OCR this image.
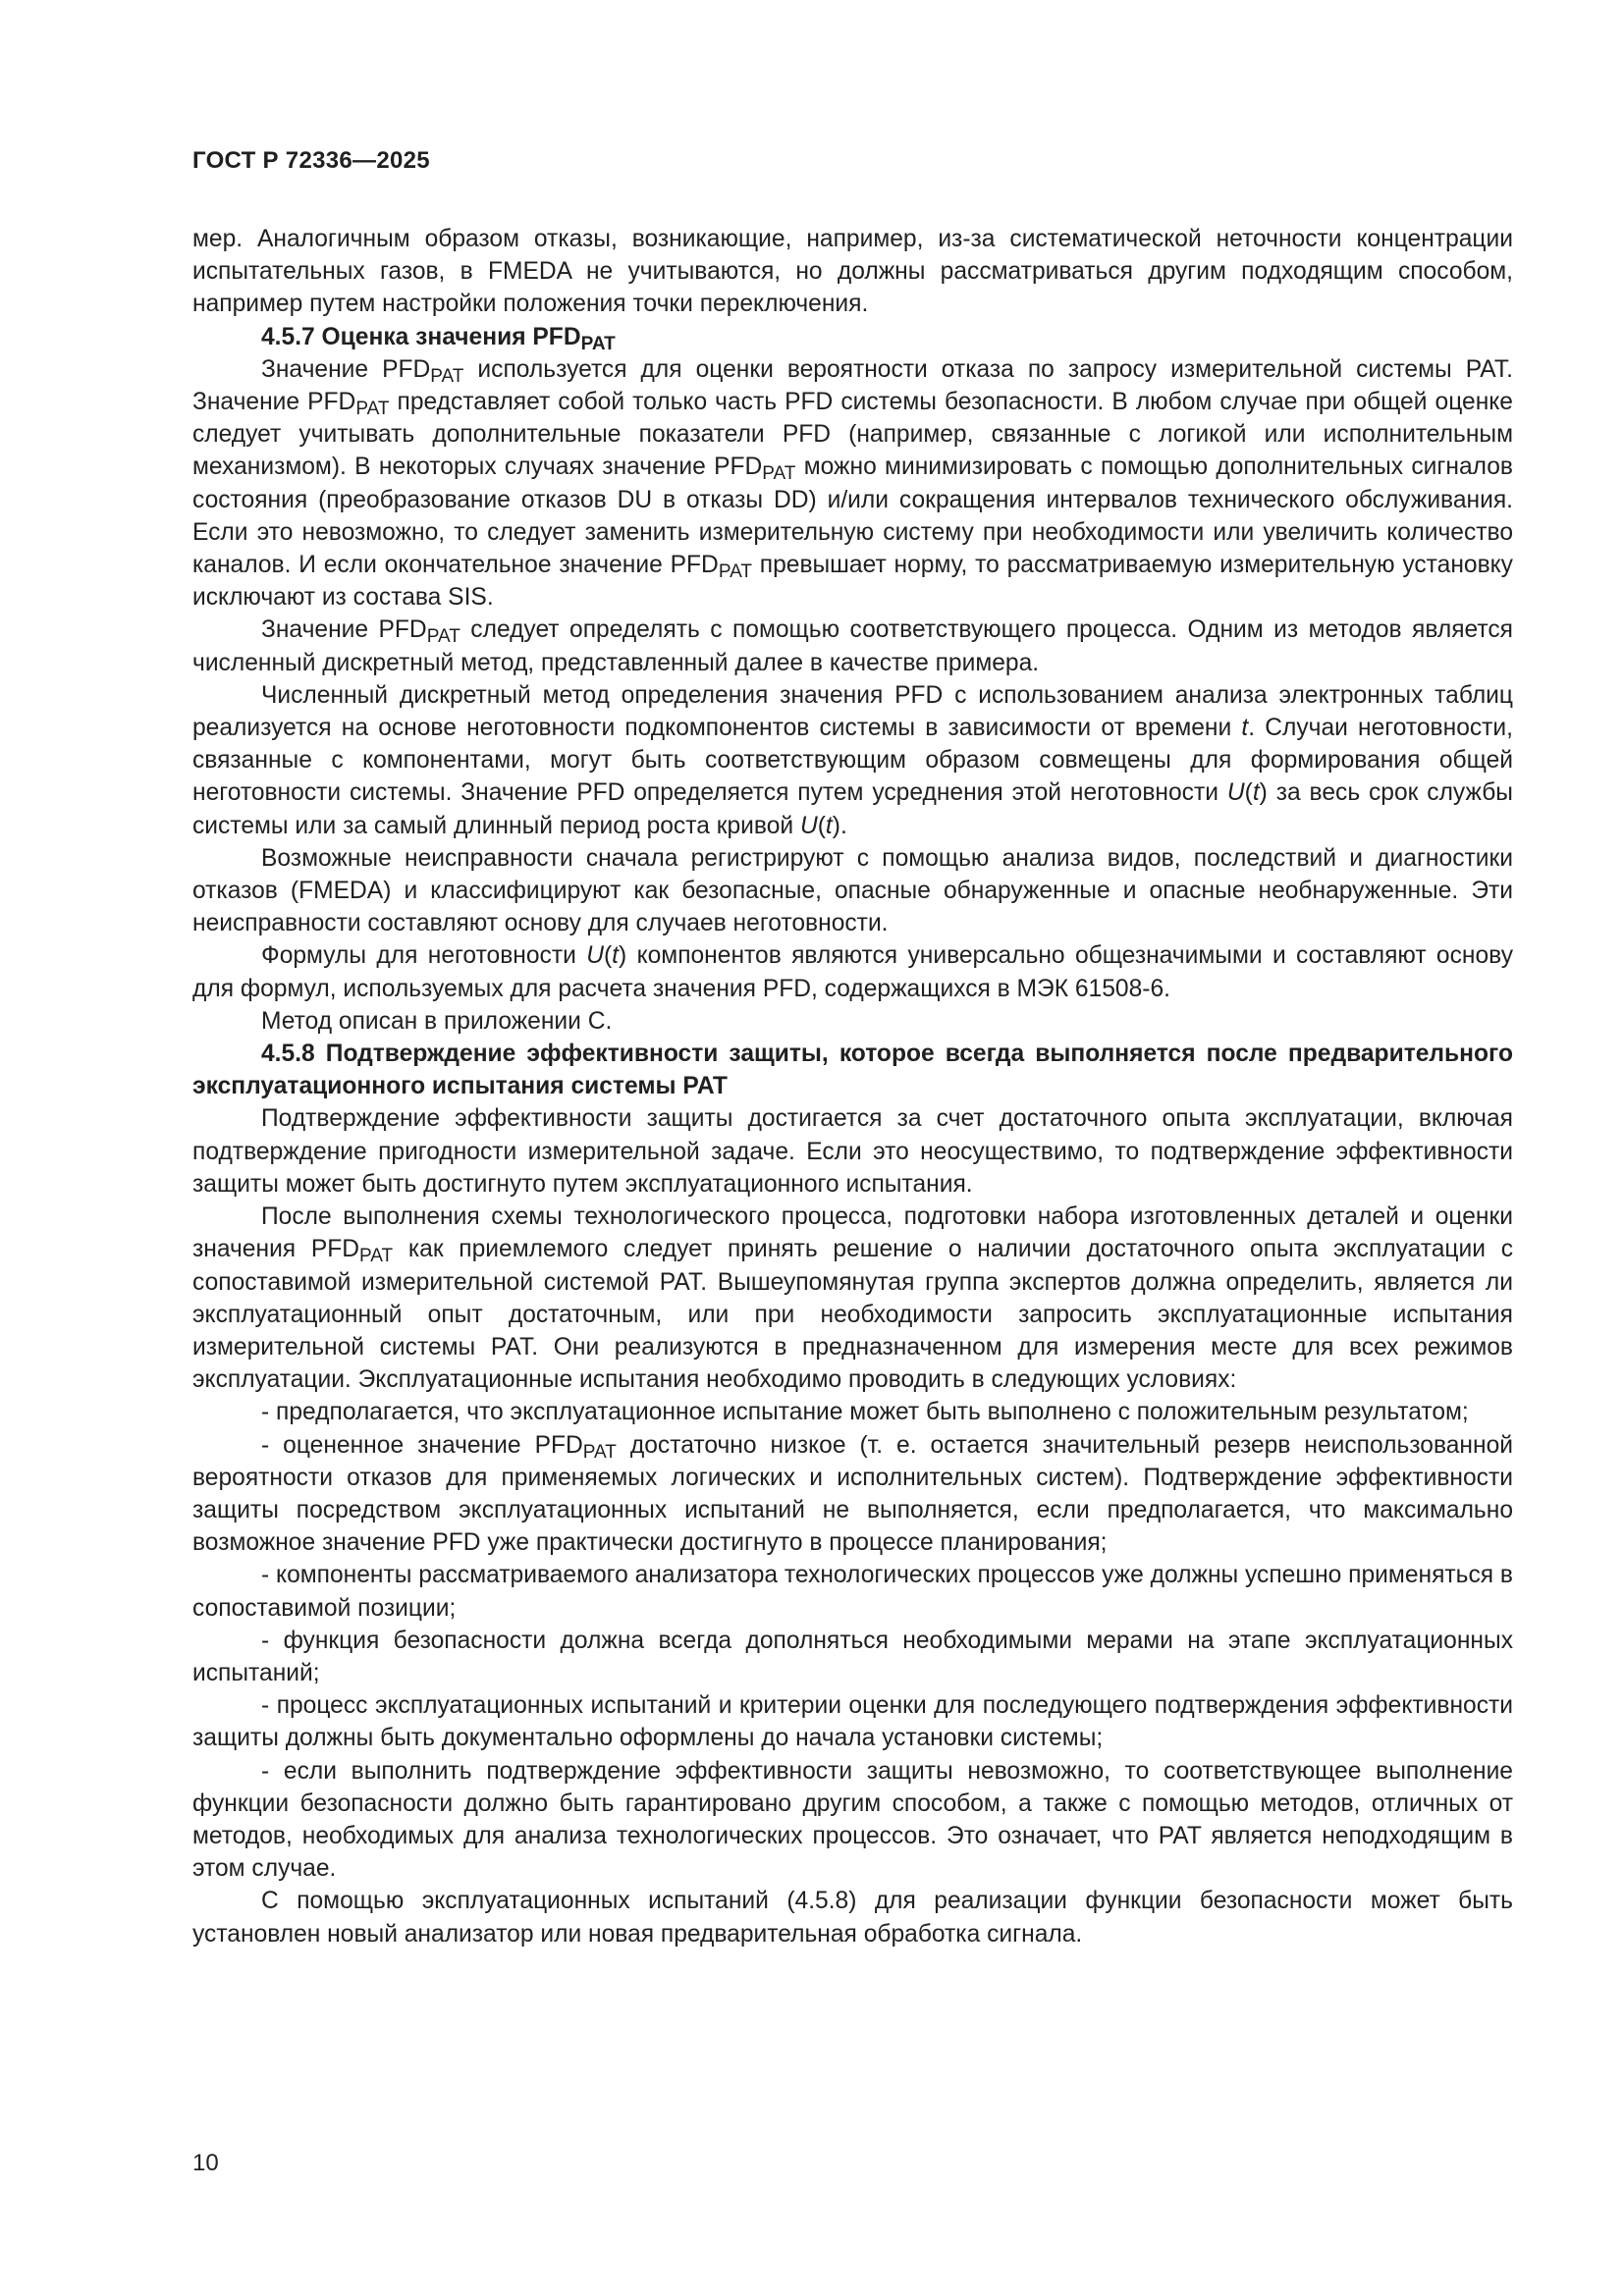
ГОСТ Р 72336—2025

мер. Аналогичным образом отказы, возникающие, например, из-за систематической неточности концентрации испытательных газов, в FMEDA не учитываются, но должны рассматриваться другим подходящим способом, например путем настройки положения точки переключения.

4.5.7 Оценка значения $PFD_{PAT}$

Значение $PFD_{PAT}$ используется для оценки вероятности отказа по запросу измерительной системы PAT. Значение $PFD_{PAT}$ представляет собой только часть PFD системы безопасности. В любом случае при общей оценке следует учитывать дополнительные показатели PFD (например, связанные с логикой или исполнительным механизмом). В некоторых случаях значение $PFD_{PAT}$ можно минимизировать с помощью дополнительных сигналов состояния (преобразование отказов DU в отказы DD) и/или сокращения интервалов технического обслуживания. Если это невозможно, то следует заменить измерительную систему при необходимости или увеличить количество каналов. И если окончательное значение $PFD_{PAT}$ превышает норму, то рассматриваемую измерительную установку исключают из состава SIS.

Значение $PFD_{PAT}$ следует определять с помощью соответствующего процесса. Одним из методов является численный дискретный метод, представленный далее в качестве примера.

Численный дискретный метод определения значения PFD с использованием анализа электронных таблиц реализуется на основе неготовности подкомпонентов системы в зависимости от времени t. Случаи неготовности, связанные с компонентами, могут быть соответствующим образом совмещены для формирования общей неготовности системы. Значение PFD определяется путем усреднения этой неготовности U(t) за весь срок службы системы или за самый длинный период роста кривой U(t).

Возможные неисправности сначала регистрируют с помощью анализа видов, последствий и диагностики отказов (FMEDA) и классифицируют как безопасные, опасные обнаруженные и опасные необнаруженные. Эти неисправности составляют основу для случаев неготовности.

Формулы для неготовности U(t) компонентов являются универсально общезначимыми и составляют основу для формул, используемых для расчета значения PFD, содержащихся в МЭК 61508-6.

Метод описан в приложении С.

4.5.8 Подтверждение эффективности защиты, которое всегда выполняется после предварительного эксплуатационного испытания системы PAT

Подтверждение эффективности защиты достигается за счет достаточного опыта эксплуатации, включая подтверждение пригодности измерительной задаче. Если это неосуществимо, то подтверждение эффективности защиты может быть достигнуто путем эксплуатационного испытания.

После выполнения схемы технологического процесса, подготовки набора изготовленных деталей и оценки значения $PFD_{PAT}$ как приемлемого следует принять решение о наличии достаточного опыта эксплуатации с сопоставимой измерительной системой PAT. Вышеупомянутая группа экспертов должна определить, является ли эксплуатационный опыт достаточным, или при необходимости запросить эксплуатационные испытания измерительной системы PAT. Они реализуются в предназначенном для измерения месте для всех режимов эксплуатации. Эксплуатационные испытания необходимо проводить в следующих условиях:

- предполагается, что эксплуатационное испытание может быть выполнено с положительным результатом;

- оцененное значение $PFD_{PAT}$ достаточно низкое (т. е. остается значительный резерв неиспользованной вероятности отказов для применяемых логических и исполнительных систем). Подтверждение эффективности защиты посредством эксплуатационных испытаний не выполняется, если предполагается, что максимально возможное значение PFD уже практически достигнуто в процессе планирования;

- компоненты рассматриваемого анализатора технологических процессов уже должны успешно применяться в сопоставимой позиции;

- функция безопасности должна всегда дополняться необходимыми мерами на этапе эксплуатационных испытаний;

- процесс эксплуатационных испытаний и критерии оценки для последующего подтверждения эффективности защиты должны быть документально оформлены до начала установки системы;

- если выполнить подтверждение эффективности защиты невозможно, то соответствующее выполнение функции безопасности должно быть гарантировано другим способом, а также с помощью методов, отличных от методов, необходимых для анализа технологических процессов. Это означает, что PAT является неподходящим в этом случае.

С помощью эксплуатационных испытаний (4.5.8) для реализации функции безопасности может быть установлен новый анализатор или новая предварительная обработка сигнала.

10
